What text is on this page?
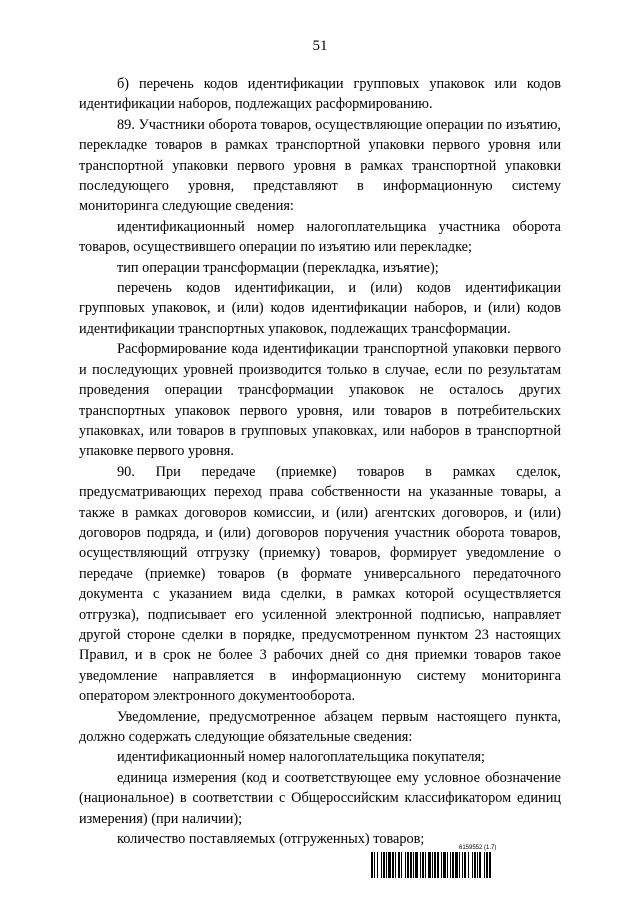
51

б) перечень кодов идентификации групповых упаковок или кодов идентификации наборов, подлежащих расформированию.

89. Участники оборота товаров, осуществляющие операции по изъятию, перекладке товаров в рамках транспортной упаковки первого уровня или транспортной упаковки первого уровня в рамках транспортной упаковки последующего уровня, представляют в информационную систему мониторинга следующие сведения:

идентификационный номер налогоплательщика участника оборота товаров, осуществившего операции по изъятию или перекладке;

тип операции трансформации (перекладка, изъятие);

перечень кодов идентификации, и (или) кодов идентификации групповых упаковок, и (или) кодов идентификации наборов, и (или) кодов идентификации транспортных упаковок, подлежащих трансформации.

Расформирование кода идентификации транспортной упаковки первого и последующих уровней производится только в случае, если по результатам проведения операции трансформации упаковок не осталось других транспортных упаковок первого уровня, или товаров в потребительских упаковках, или товаров в групповых упаковках, или наборов в транспортной упаковке первого уровня.

90. При передаче (приемке) товаров в рамках сделок, предусматривающих переход права собственности на указанные товары, а также в рамках договоров комиссии, и (или) агентских договоров, и (или) договоров подряда, и (или) договоров поручения участник оборота товаров, осуществляющий отгрузку (приемку) товаров, формирует уведомление о передаче (приемке) товаров (в формате универсального передаточного документа с указанием вида сделки, в рамках которой осуществляется отгрузка), подписывает его усиленной электронной подписью, направляет другой стороне сделки в порядке, предусмотренном пунктом 23 настоящих Правил, и в срок не более 3 рабочих дней со дня приемки товаров такое уведомление направляется в информационную систему мониторинга оператором электронного документооборота.

Уведомление, предусмотренное абзацем первым настоящего пункта, должно содержать следующие обязательные сведения:

идентификационный номер налогоплательщика покупателя;

единица измерения (код и соответствующее ему условное обозначение (национальное) в соответствии с Общероссийским классификатором единиц измерения) (при наличии);

количество поставляемых (отгруженных) товаров;

6159552 (1.7)
